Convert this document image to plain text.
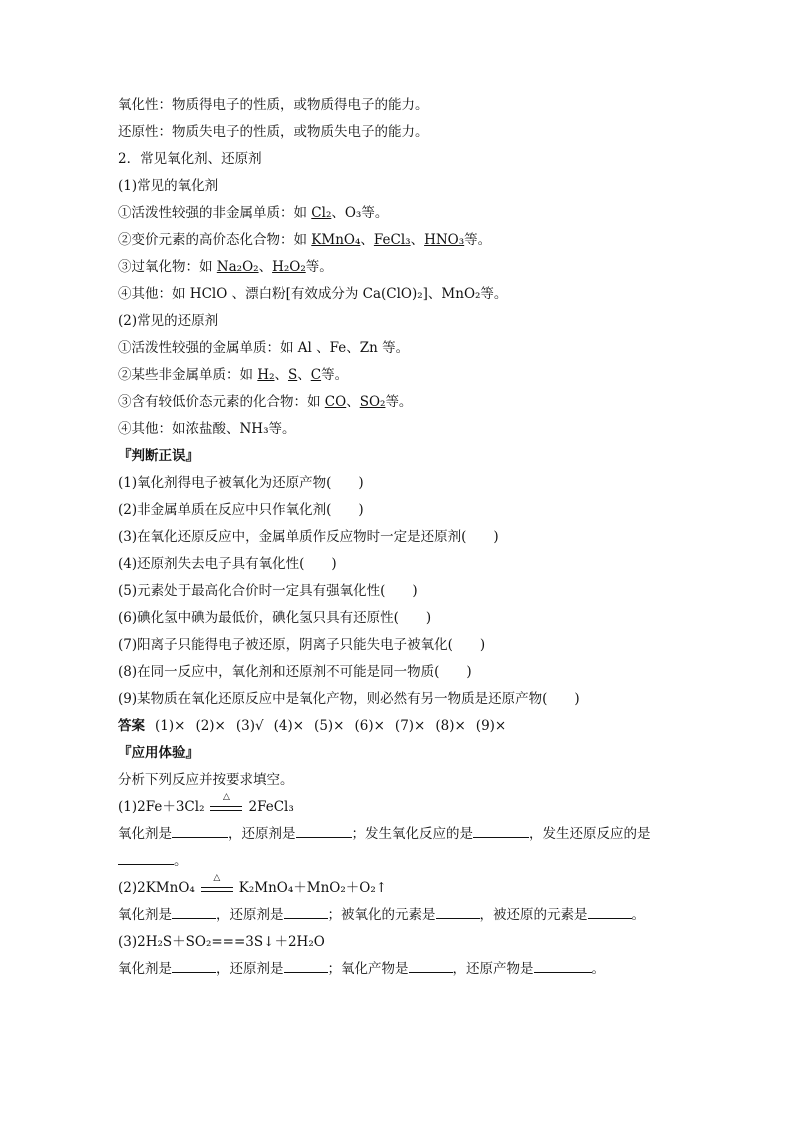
氧化性：物质得电子的性质，或物质得电子的能力。
还原性：物质失电子的性质，或物质失电子的能力。
2．常见氧化剂、还原剂
(1)常见的氧化剂
①活泼性较强的非金属单质：如 Cl₂、O₃等。
②变价元素的高价态化合物：如 KMnO₄、FeCl₃、HNO₃等。
③过氧化物：如 Na₂O₂、H₂O₂等。
④其他：如 HClO 、漂白粉[有效成分为 Ca(ClO)₂]、MnO₂等。
(2)常见的还原剂
①活泼性较强的金属单质：如 Al 、Fe、Zn 等。
②某些非金属单质：如 H₂、S、C等。
③含有较低价态元素的化合物：如 CO、SO₂等。
④其他：如浓盐酸、NH₃等。
『判断正误』
(1)氧化剂得电子被氧化为还原产物(　　)
(2)非金属单质在反应中只作氧化剂(　　)
(3)在氧化还原反应中，金属单质作反应物时一定是还原剂(　　)
(4)还原剂失去电子具有氧化性(　　)
(5)元素处于最高化合价时一定具有强氧化性(　　)
(6)碘化氢中碘为最低价，碘化氢只具有还原性(　　)
(7)阳离子只能得电子被还原，阴离子只能失电子被氧化(　　)
(8)在同一反应中，氧化剂和还原剂不可能是同一物质(　　)
(9)某物质在氧化还原反应中是氧化产物，则必然有另一物质是还原产物(　　)
答案 (1)× (2)× (3)√ (4)× (5)× (6)× (7)× (8)× (9)×
『应用体验』
分析下列反应并按要求填空。
(1)2Fe＋3Cl₂
△
2FeCl₃
氧化剂是	，还原剂是	；发生氧化反应的是	，发生还原反应的是
。
(2)2KMnO₄
△
K₂MnO₄＋MnO₂＋O₂↑
氧化剂是	，还原剂是	；被氧化的元素是	，被还原的元素是	。
(3)2H₂S＋SO₂===3S↓＋2H₂O
氧化剂是	，还原剂是	；氧化产物是	，还原产物是	。
